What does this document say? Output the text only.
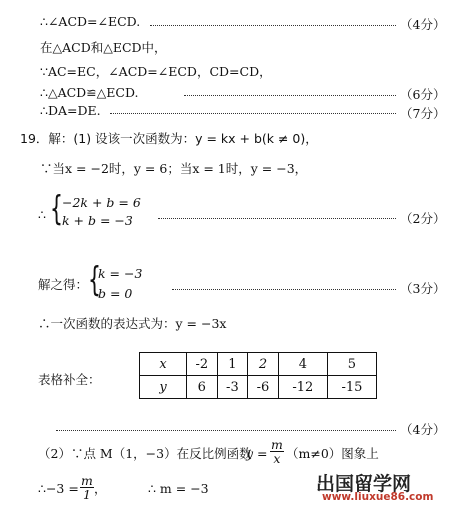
∴∠ACD=∠ECD.	（4分）
在△ACD和△ECD中，
∵AC=EC，∠ACD=∠ECD，CD=CD，
∴△ACD≌△ECD.	（6分）
∴DA=DE.	（7分）
19．解：(1) 设该一次函数为：y = kx + b(k ≠ 0)，
∵当x = −2时，y = 6；当x = 1时，y = −3，
∴ { −2k + b = 6
k + b = −3	（2分）
解之得： {
k = −3
b = 0	（3分）
∴一次函数的表达式为：y = −3x
表格补全：
x	-2	1	2	4	5
y	6	-3	-6	-12	-15
（4分）
（2）∵点 M（1，−3）在反比例函数
$y = \frac{m}{x} (m\ne 0)$图象上
∴−3 = $\frac{m}{1}$ ，	∴ m = −3	出国留学网
www.liuxue86.com
